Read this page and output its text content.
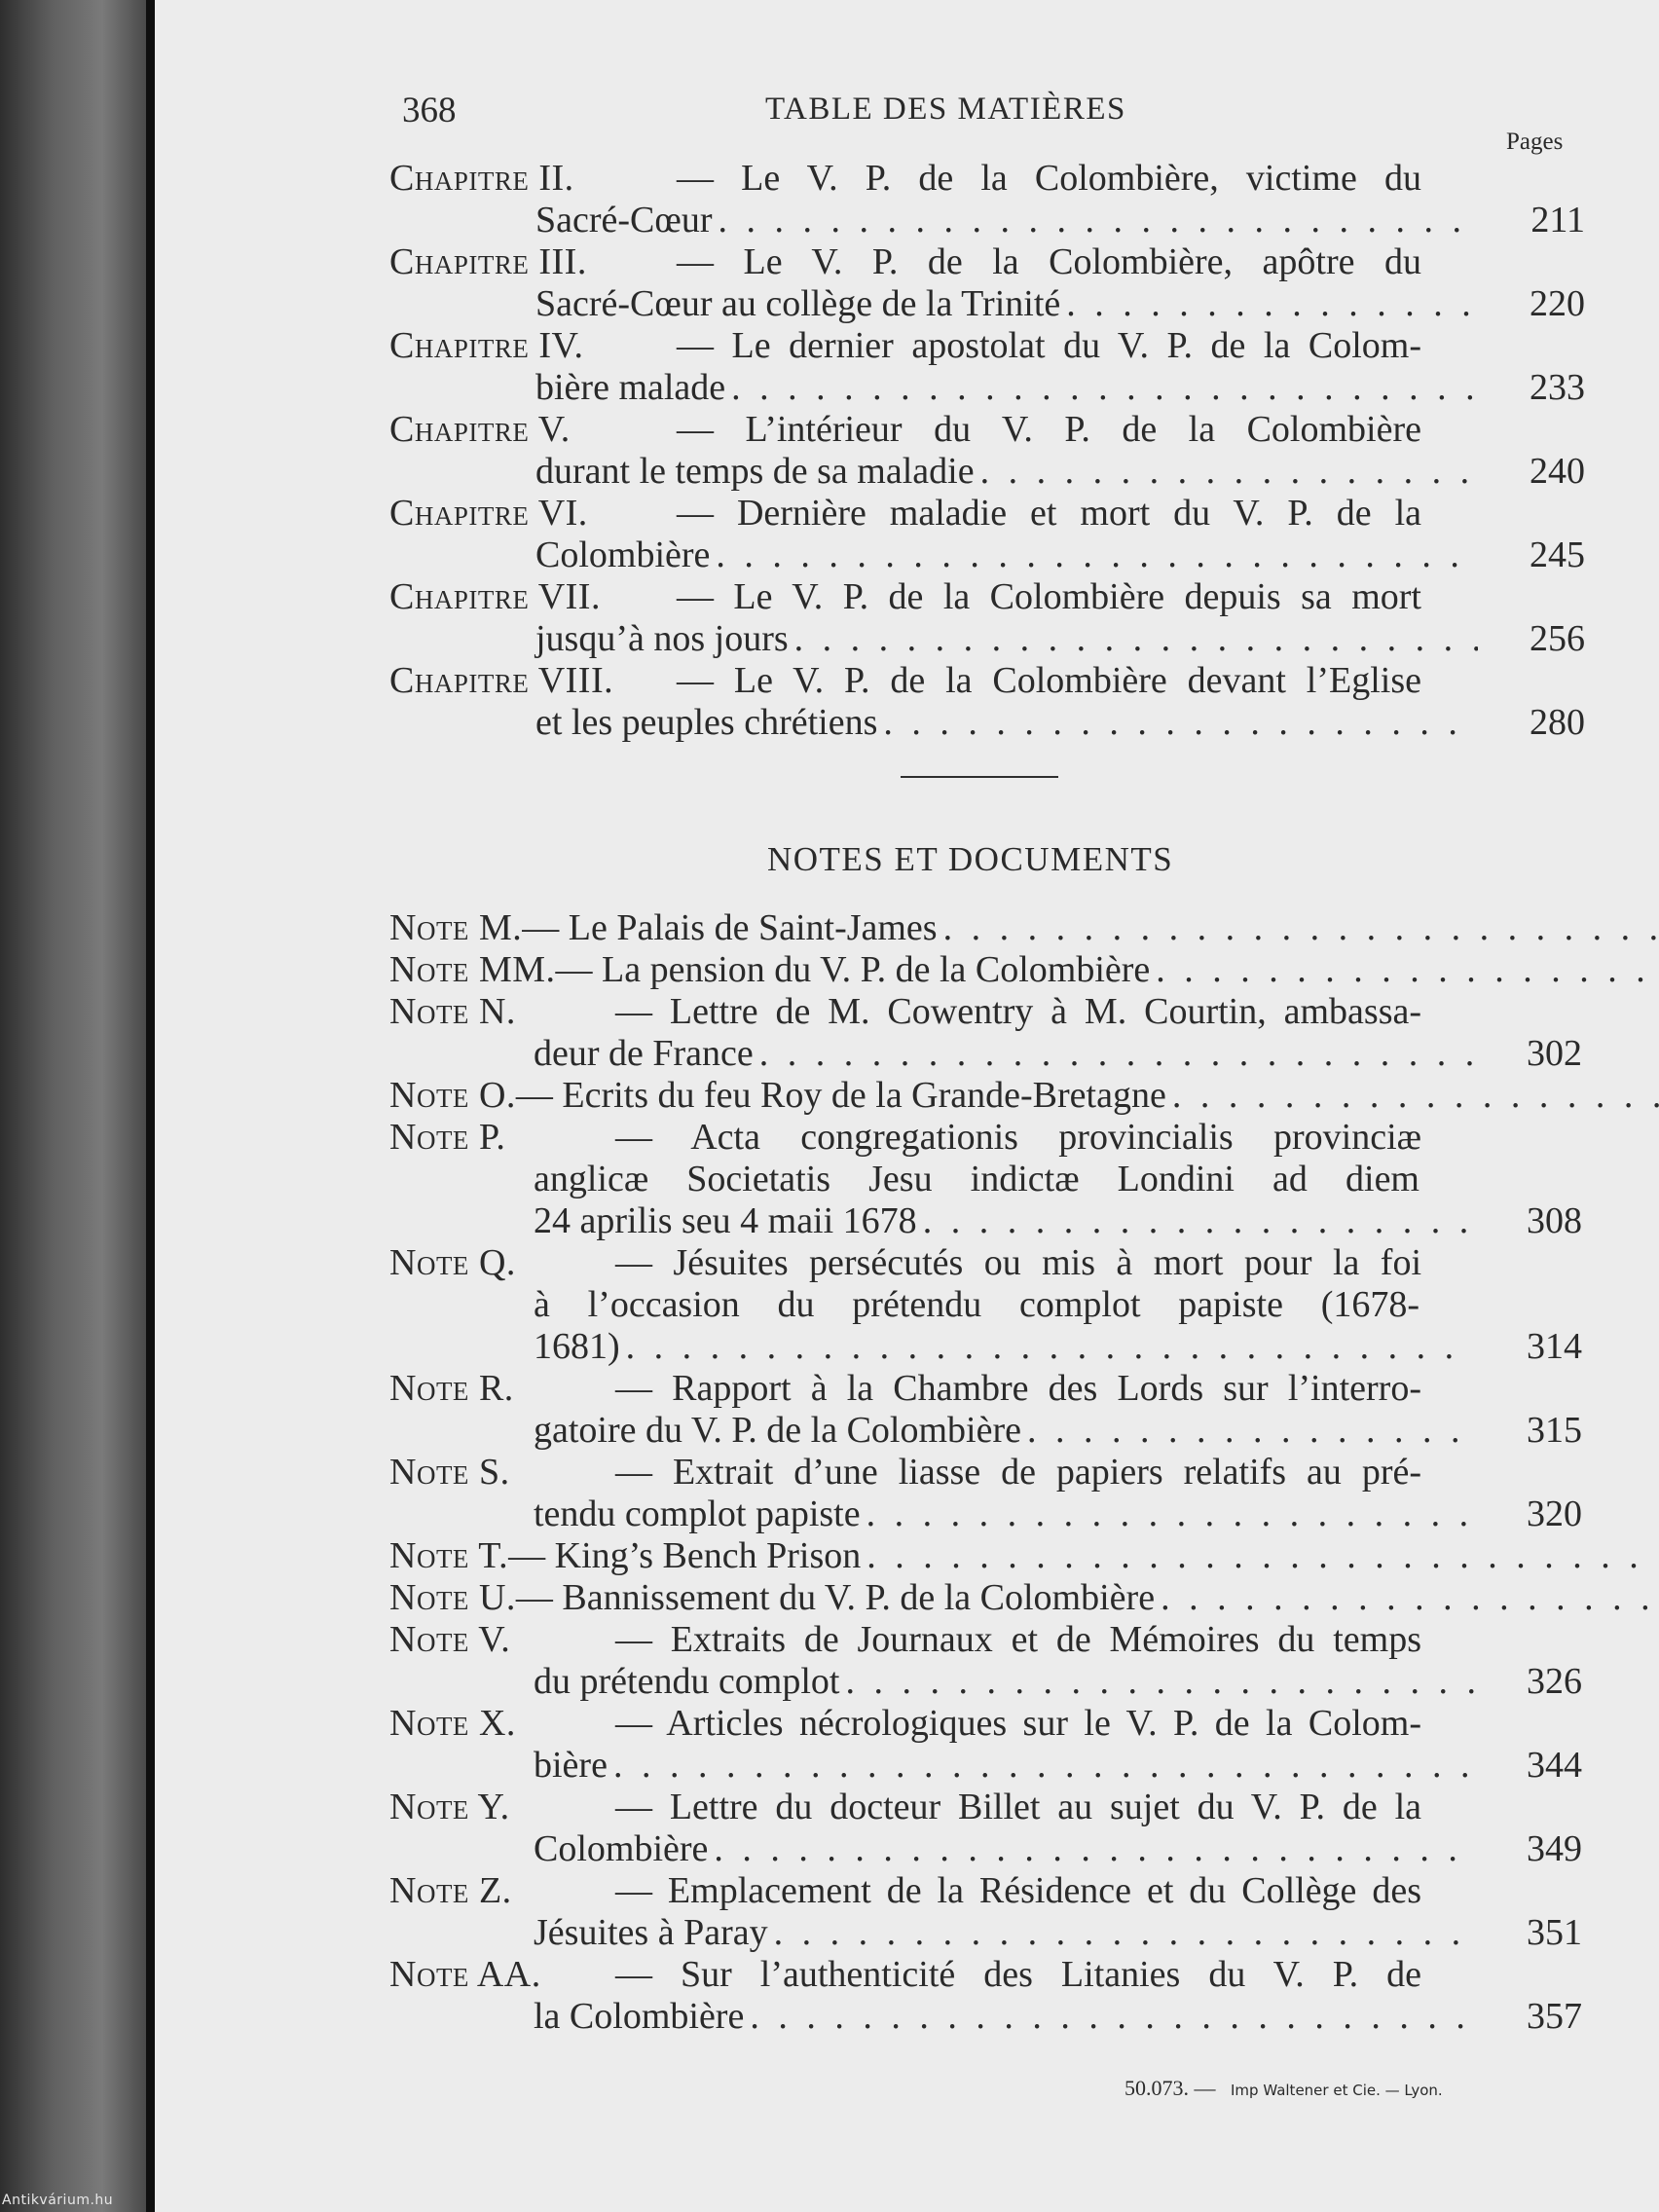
Antikvárium.hu
368	TABLE DES MATIÈRES
Pages
Chapitre II.	— Le V. P. de la Colombière, victime du
Sacré-Cœur . . .	211
Chapitre III.	— Le V. P. de la Colombière, apôtre du
Sacré-Cœur au collège de la Trinité . . .	220
Chapitre IV.	— Le dernier apostolat du V. P. de la Colom-
bière malade . . .	233
Chapitre V.	— L’intérieur du V. P. de la Colombière
durant le temps de sa maladie . . .	240
Chapitre VI.	— Dernière maladie et mort du V. P. de la
Colombière . . .	245
Chapitre VII.	— Le V. P. de la Colombière depuis sa mort
jusqu’à nos jours . . .	256
Chapitre VIII.	— Le V. P. de la Colombière devant l’Eglise
et les peuples chrétiens . . .	280
NOTES ET DOCUMENTS
Note M. — Le Palais de Saint-James
. . .
Note MM. — La pension du V. P. de la Colombière
. . .
Note N.	— Lettre de M. Cowentry à M. Courtin, ambassa-
deur de France . . .	302
Note O. — Ecrits du feu Roy de la Grande-Bretagne
. . .
Note P.	— Acta congregationis provincialis provinciæ
anglicæ Societatis Jesu indictæ Londini ad diem
24 aprilis seu 4 maii 1678 . . .	308
Note Q.	— Jésuites persécutés ou mis à mort pour la foi
à l’occasion du prétendu complot papiste (1678-
1681) . . .	314
Note R.	— Rapport à la Chambre des Lords sur l’interro-
gatoire du V. P. de la Colombière . . .	315
Note S.	— Extrait d’une liasse de papiers relatifs au pré-
tendu complot papiste . . .	320
Note T. — King’s Bench Prison
. . .
Note U. — Bannissement du V. P. de la Colombière
. . .
Note V.	— Extraits de Journaux et de Mémoires du temps
du prétendu complot . . .	326
Note X.	— Articles nécrologiques sur le V. P. de la Colom-
bière . . .	344
Note Y.	— Lettre du docteur Billet au sujet du V. P. de la
Colombière . . .	349
Note Z.	— Emplacement de la Résidence et du Collège des
Jésuites à Paray . . .	351
Note AA.	— Sur l’authenticité des Litanies du V. P. de
la Colombière . . .	357
50.073. — Imp Waltener et Cie. — Lyon.
